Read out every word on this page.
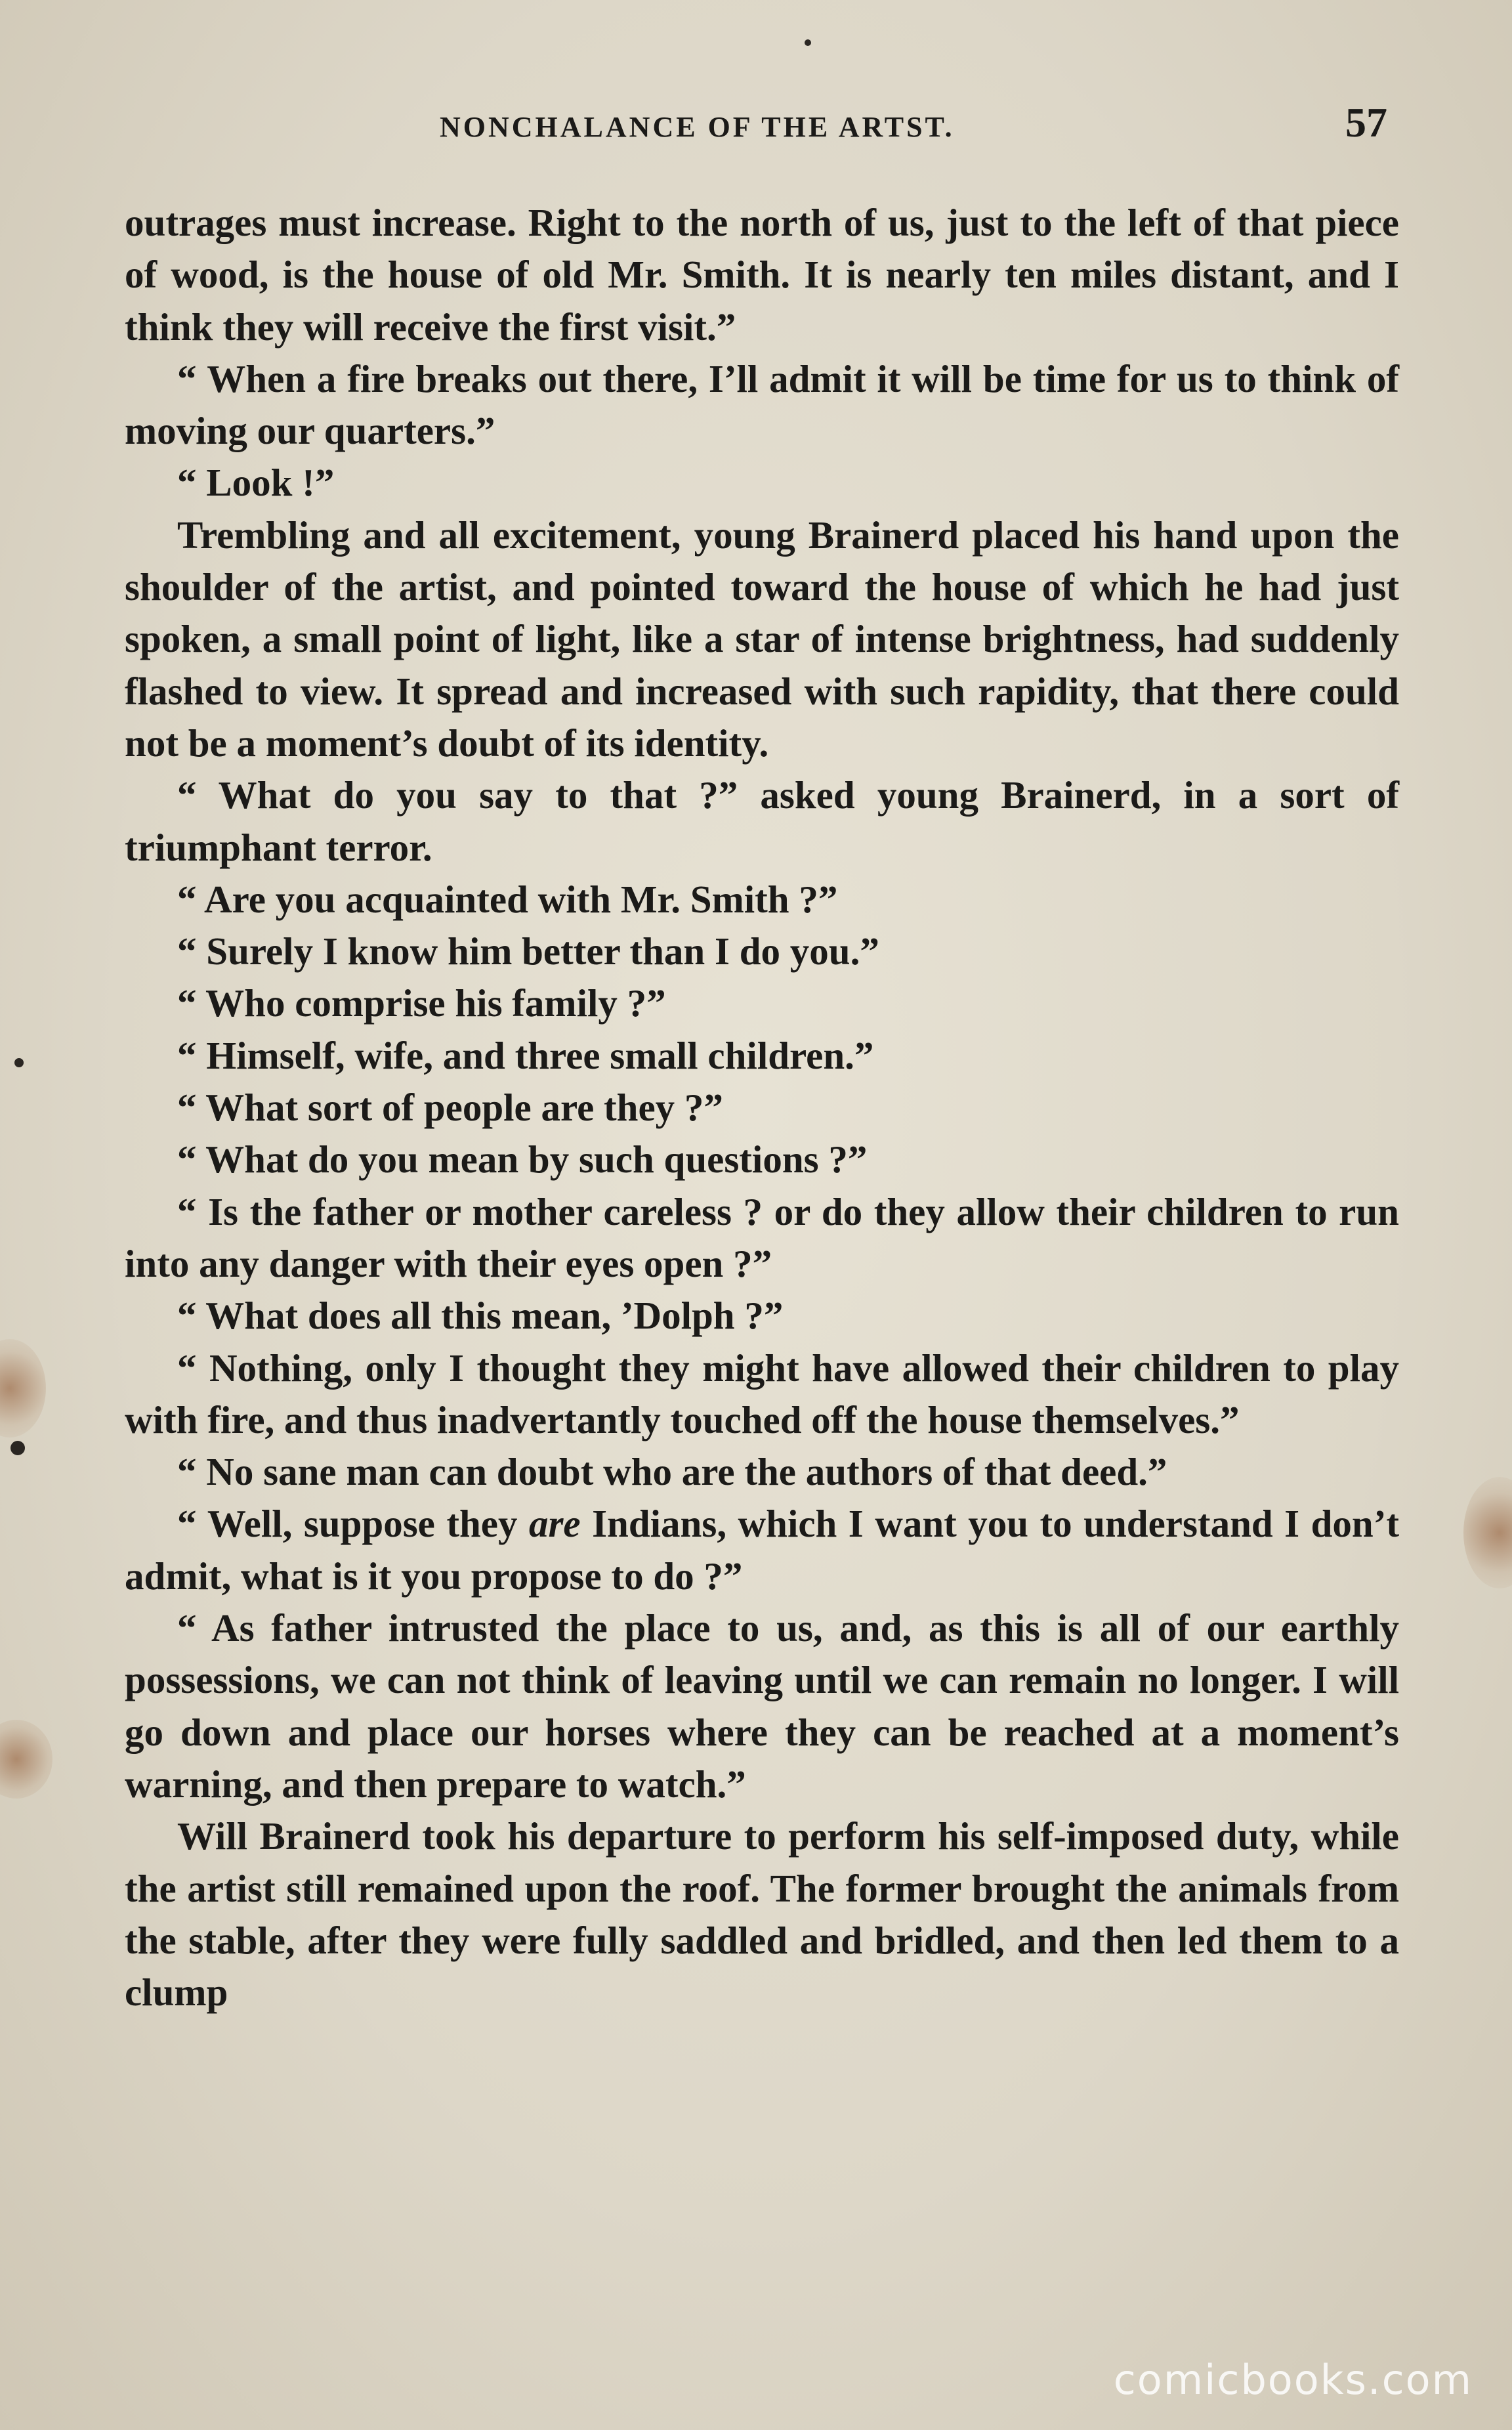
NONCHALANCE OF THE ARTST.	57

outrages must increase. Right to the north of us, just to the left of that piece of wood, is the house of old Mr. Smith. It is nearly ten miles distant, and I think they will receive the first visit.”

“ When a fire breaks out there, I’ll admit it will be time for us to think of moving our quarters.”

“ Look !”

Trembling and all excitement, young Brainerd placed his hand upon the shoulder of the artist, and pointed toward the house of which he had just spoken, a small point of light, like a star of intense brightness, had suddenly flashed to view. It spread and increased with such rapidity, that there could not be a moment’s doubt of its identity.

“ What do you say to that ?” asked young Brainerd, in a sort of triumphant terror.

“ Are you acquainted with Mr. Smith ?”

“ Surely I know him better than I do you.”

“ Who comprise his family ?”

“ Himself, wife, and three small children.”

“ What sort of people are they ?”

“ What do you mean by such questions ?”

“ Is the father or mother careless ? or do they allow their children to run into any danger with their eyes open ?”

“ What does all this mean, ’Dolph ?”

“ Nothing, only I thought they might have allowed their children to play with fire, and thus inadvertantly touched off the house themselves.”

“ No sane man can doubt who are the authors of that deed.”

“ Well, suppose they are Indians, which I want you to understand I don’t admit, what is it you propose to do ?”

“ As father intrusted the place to us, and, as this is all of our earthly possessions, we can not think of leaving until we can remain no longer. I will go down and place our horses where they can be reached at a moment’s warning, and then prepare to watch.”

Will Brainerd took his departure to perform his self-imposed duty, while the artist still remained upon the roof. The former brought the animals from the stable, after they were fully saddled and bridled, and then led them to a clump

comicbooks.com
